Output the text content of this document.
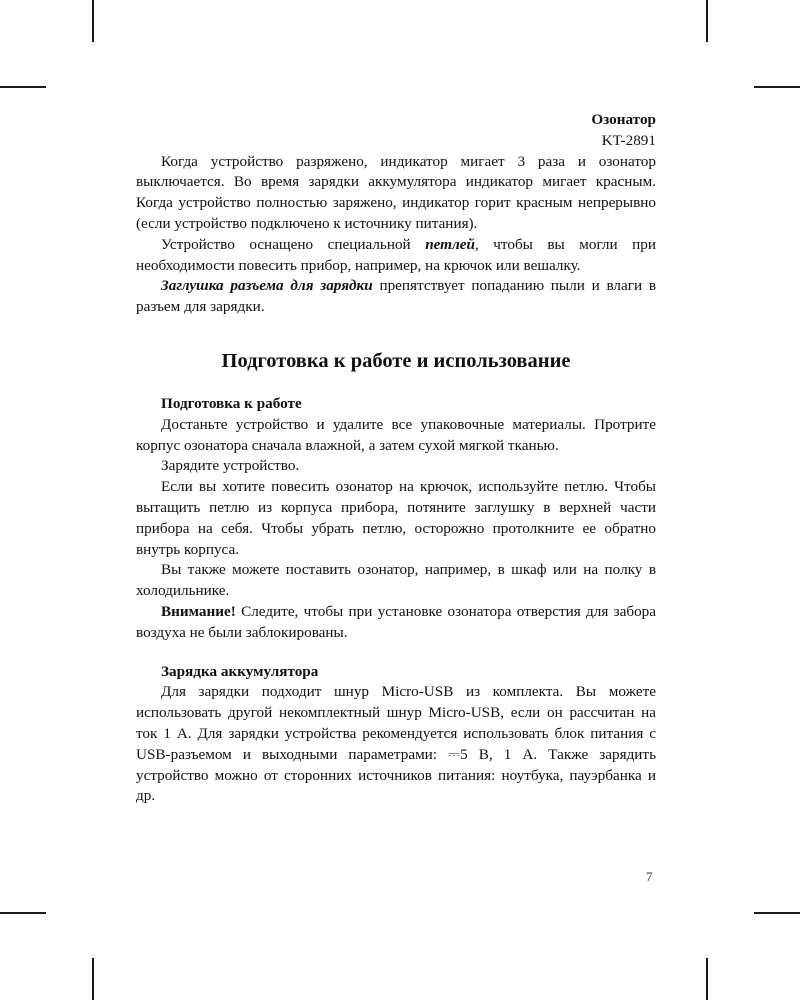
Озонатор
KT-2891

Когда устройство разряжено, индикатор мигает 3 раза и озонатор выключается. Во время зарядки аккумулятора индикатор мигает красным. Когда устройство полностью заряжено, индикатор горит красным непрерывно (если устройство подключено к источнику питания).

Устройство оснащено специальной петлей, чтобы вы могли при необходимости повесить прибор, например, на крючок или вешалку.

Заглушка разъема для зарядки препятствует попаданию пыли и влаги в разъем для зарядки.

Подготовка к работе и использование
Подготовка к работе

Достаньте устройство и удалите все упаковочные материалы. Протрите корпус озонатора сначала влажной, а затем сухой мягкой тканью.

Зарядите устройство.

Если вы хотите повесить озонатор на крючок, используйте петлю. Чтобы вытащить петлю из корпуса прибора, потяните заглушку в верхней части прибора на себя. Чтобы убрать петлю, осторожно протолкните ее обратно внутрь корпуса.

Вы также можете поставить озонатор, например, в шкаф или на полку в холодильнике.

Внимание! Следите, чтобы при установке озонатора отверстия для забора воздуха не были заблокированы.

Зарядка аккумулятора

Для зарядки подходит шнур Micro-USB из комплекта. Вы можете использовать другой некомплектный шнур Micro-USB, если он рассчитан на ток 1 А. Для зарядки устройства рекомендуется использовать блок питания с USB-разъемом и выходными параметрами: ⎓5 В, 1 А. Также зарядить устройство можно от сторонних источников питания: ноутбука, пауэрбанка и др.

7
